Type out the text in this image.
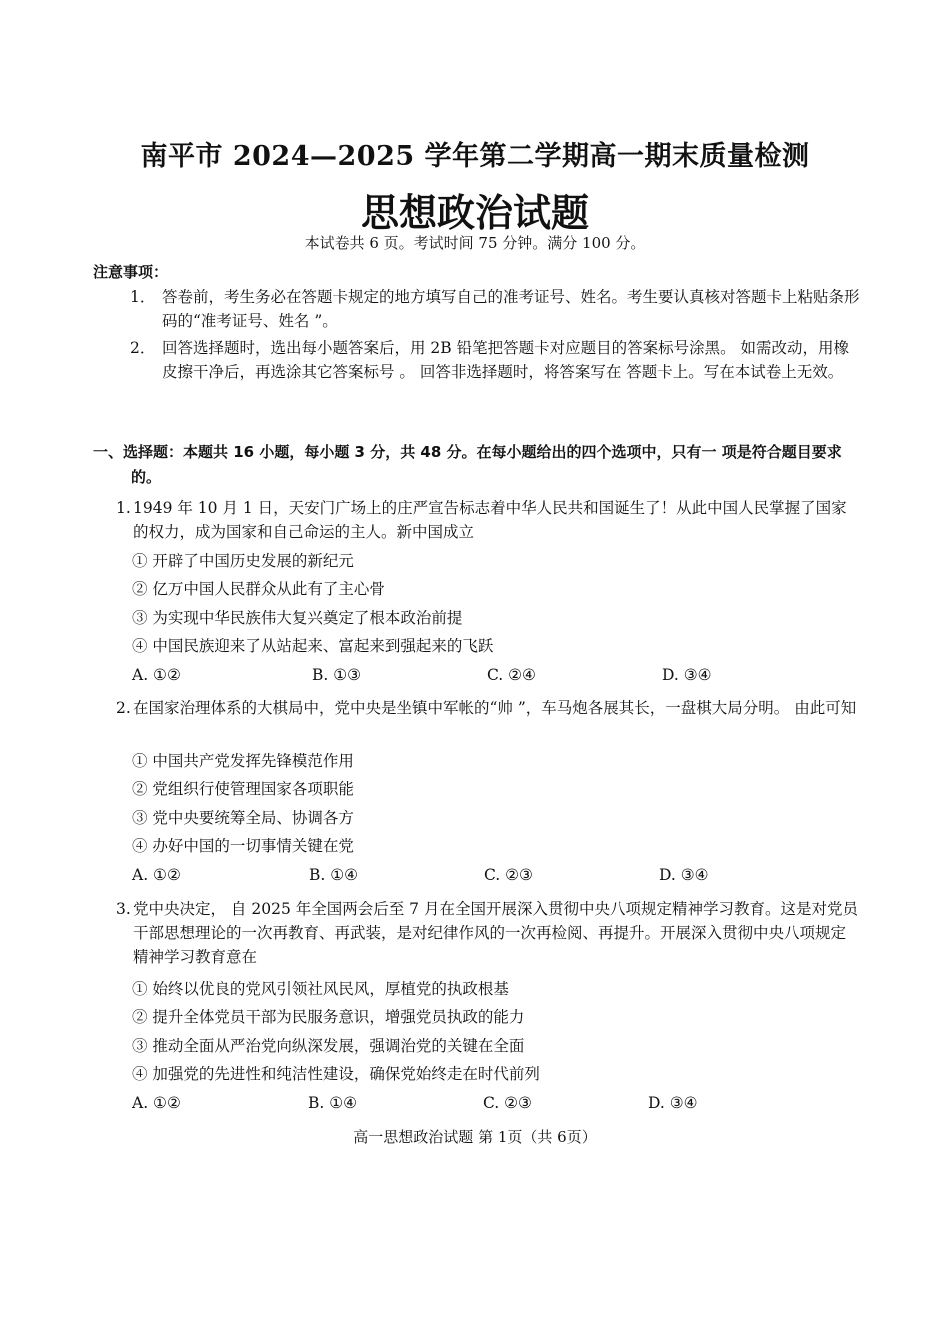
南平市 2024—2025 学年第二学期高一期末质量检测
思想政治试题
本试卷共 6 页。考试时间 75 分钟。满分 100 分。
注意事项：
1． 答卷前，考生务必在答题卡规定的地方填写自己的准考证号、姓名。考生要认真核对答题卡上粘贴条形码的“准考证号、姓名 ”。
2． 回答选择题时，选出每小题答案后，用 2B 铅笔把答题卡对应题目的答案标号涂黑。 如需改动，用橡皮擦干净后，再选涂其它答案标号 。 回答非选择题时，将答案写在 答题卡上。写在本试卷上无效。
一、选择题：本题共 16 小题，每小题 3 分，共 48 分。在每小题给出的四个选项中，只有一 项是符合题目要求的。
1. 1949 年 10 月 1 日，天安门广场上的庄严宣告标志着中华人民共和国诞生了！从此中国人民掌握了国家的权力，成为国家和自己命运的主人。新中国成立
① 开辟了中国历史发展的新纪元
② 亿万中国人民群众从此有了主心骨
③ 为实现中华民族伟大复兴奠定了根本政治前提
④ 中国民族迎来了从站起来、富起来到强起来的飞跃
A. ①②	B. ①③	C. ②④	D. ③④
2. 在国家治理体系的大棋局中，党中央是坐镇中军帐的“帅 ”，车马炮各展其长，一盘棋大局分明。 由此可知
① 中国共产党发挥先锋模范作用
② 党组织行使管理国家各项职能
③ 党中央要统筹全局、协调各方
④ 办好中国的一切事情关键在党
A. ①②	B. ①④	C. ②③	D. ③④
3. 党中央决定， 自 2025 年全国两会后至 7 月在全国开展深入贯彻中央八项规定精神学习教育。这是对党员干部思想理论的一次再教育、再武装，是对纪律作风的一次再检阅、再提升。开展深入贯彻中央八项规定精神学习教育意在
① 始终以优良的党风引领社风民风，厚植党的执政根基
② 提升全体党员干部为民服务意识，增强党员执政的能力
③ 推动全面从严治党向纵深发展，强调治党的关键在全面
④ 加强党的先进性和纯洁性建设，确保党始终走在时代前列
A. ①②	B. ①④	C. ②③	D. ③④
高一思想政治试题 第 1页（共 6页）
